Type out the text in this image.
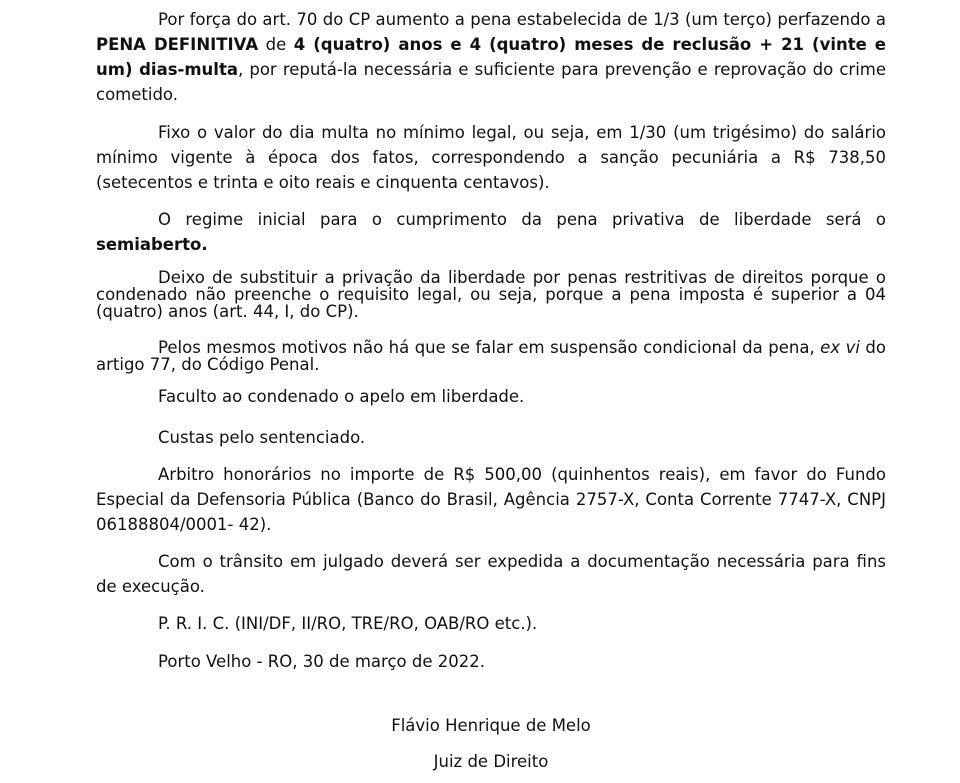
Por força do art. 70 do CP aumento a pena estabelecida de 1/3 (um terço) perfazendo a PENA DEFINITIVA de 4 (quatro) anos e 4 (quatro) meses de reclusão + 21 (vinte e um) dias-multa, por reputá-la necessária e suficiente para prevenção e reprovação do crime cometido.

Fixo o valor do dia multa no mínimo legal, ou seja, em 1/30 (um trigésimo) do salário mínimo vigente à época dos fatos, correspondendo a sanção pecuniária a R$ 738,50 (setecentos e trinta e oito reais e cinquenta centavos).

O regime inicial para o cumprimento da pena privativa de liberdade será o semiaberto.

Deixo de substituir a privação da liberdade por penas restritivas de direitos porque o condenado não preenche o requisito legal, ou seja, porque a pena imposta é superior a 04 (quatro) anos (art. 44, I, do CP).

Pelos mesmos motivos não há que se falar em suspensão condicional da pena, ex vi do artigo 77, do Código Penal.

Faculto ao condenado o apelo em liberdade.

Custas pelo sentenciado.

Arbitro honorários no importe de R$ 500,00 (quinhentos reais), em favor do Fundo Especial da Defensoria Pública (Banco do Brasil, Agência 2757-X, Conta Corrente 7747-X, CNPJ 06188804/0001- 42).

Com o trânsito em julgado deverá ser expedida a documentação necessária para fins de execução.

P. R. I. C. (INI/DF, II/RO, TRE/RO, OAB/RO etc.).

Porto Velho - RO, 30 de março de 2022.

Flávio Henrique de Melo

Juiz de Direito
